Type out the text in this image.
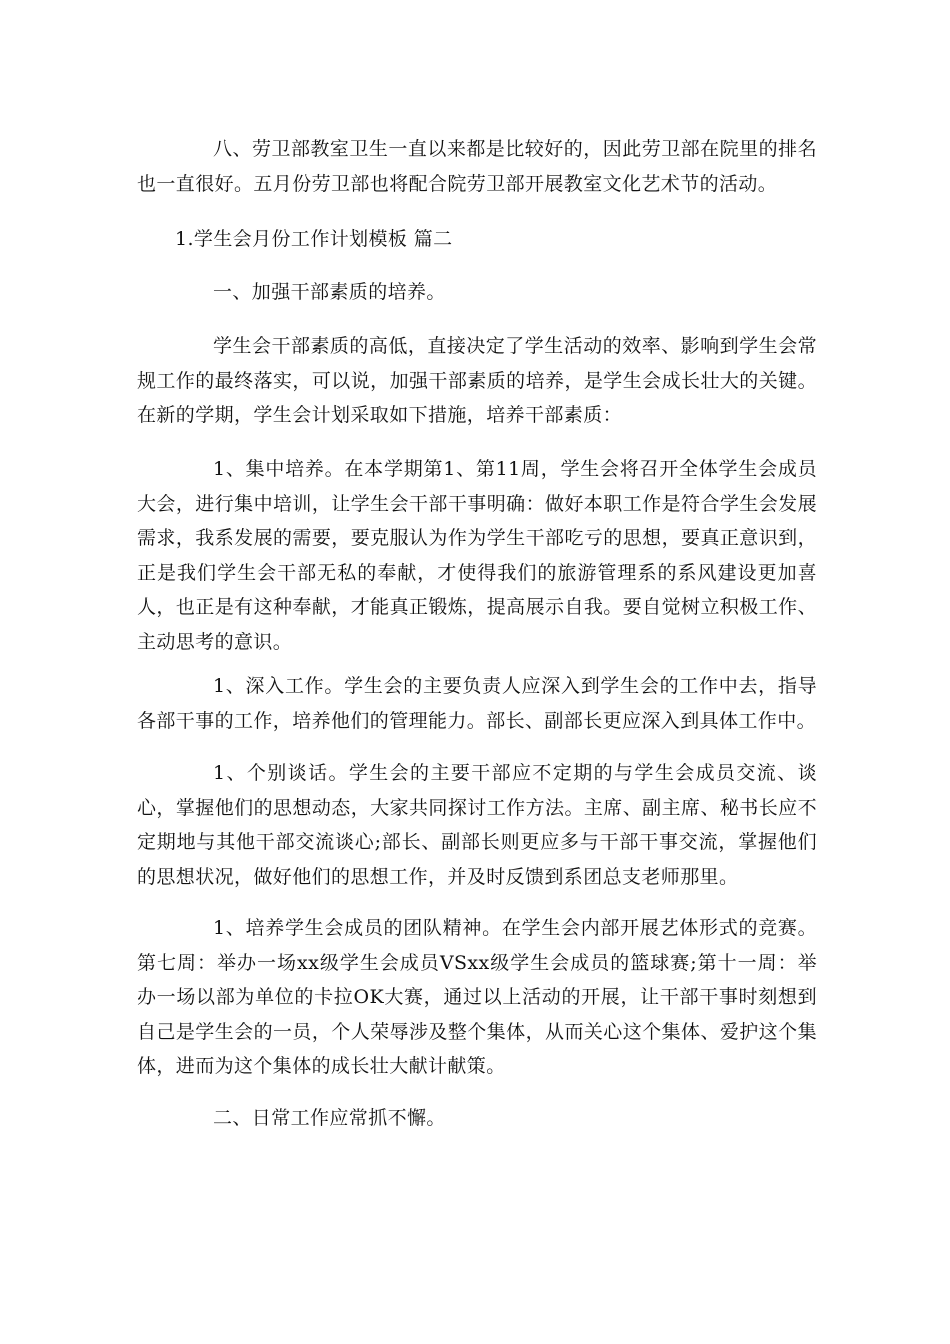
八、劳卫部教室卫生一直以来都是比较好的，因此劳卫部在院里的排名也一直很好。五月份劳卫部也将配合院劳卫部开展教室文化艺术节的活动。

1.学生会月份工作计划模板 篇二

一、加强干部素质的培养。

学生会干部素质的高低，直接决定了学生活动的效率、影响到学生会常规工作的最终落实，可以说，加强干部素质的培养，是学生会成长壮大的关键。在新的学期，学生会计划采取如下措施，培养干部素质：

1、集中培养。在本学期第1、第11周，学生会将召开全体学生会成员大会，进行集中培训，让学生会干部干事明确：做好本职工作是符合学生会发展需求，我系发展的需要，要克服认为作为学生干部吃亏的思想，要真正意识到，正是我们学生会干部无私的奉献，才使得我们的旅游管理系的系风建设更加喜人，也正是有这种奉献，才能真正锻炼，提高展示自我。要自觉树立积极工作、主动思考的意识。

1、深入工作。学生会的主要负责人应深入到学生会的工作中去，指导各部干事的工作，培养他们的管理能力。部长、副部长更应深入到具体工作中。

1、个别谈话。学生会的主要干部应不定期的与学生会成员交流、谈心，掌握他们的思想动态，大家共同探讨工作方法。主席、副主席、秘书长应不定期地与其他干部交流谈心;部长、副部长则更应多与干部干事交流，掌握他们的思想状况，做好他们的思想工作，并及时反馈到系团总支老师那里。

1、培养学生会成员的团队精神。在学生会内部开展艺体形式的竞赛。第七周：举办一场xx级学生会成员VSxx级学生会成员的篮球赛;第十一周：举办一场以部为单位的卡拉OK大赛，通过以上活动的开展，让干部干事时刻想到自己是学生会的一员，个人荣辱涉及整个集体，从而关心这个集体、爱护这个集体，进而为这个集体的成长壮大献计献策。

二、日常工作应常抓不懈。
